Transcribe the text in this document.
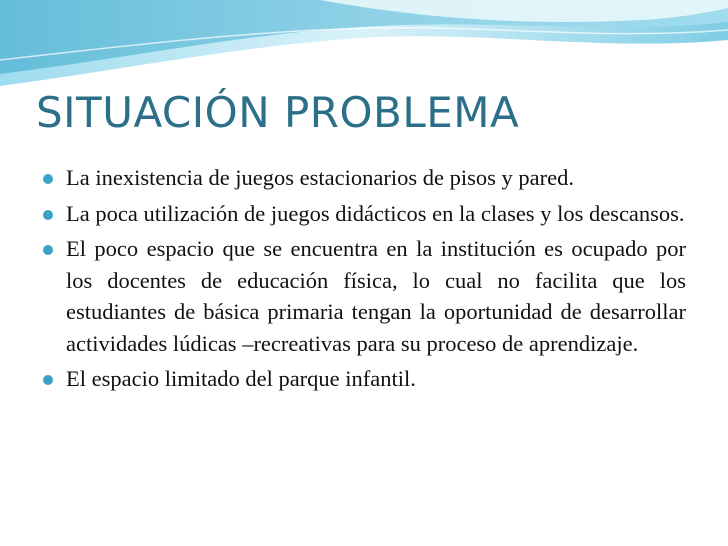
SITUACIÓN PROBLEMA
La inexistencia de juegos estacionarios de pisos y pared.
La poca utilización de juegos didácticos en la clases y los descansos.
El poco espacio que se encuentra en la institución es ocupado por los docentes de educación física, lo cual no facilita que los estudiantes de básica primaria tengan la oportunidad de desarrollar actividades lúdicas –recreativas para su proceso de aprendizaje.
El espacio limitado del parque infantil.
